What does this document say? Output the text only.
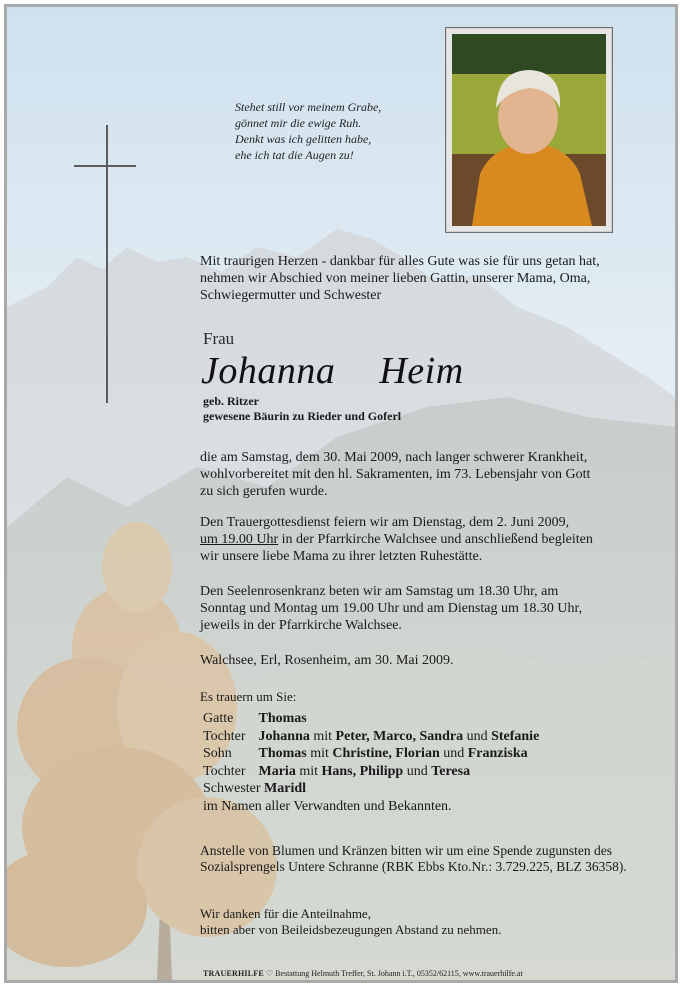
Stehet still vor meinem Grabe,
gönnet mir die ewige Ruh.
Denkt was ich gelitten habe,
ehe ich tat die Augen zu!
Mit traurigen Herzen - dankbar für alles Gute was sie für uns getan hat,
nehmen wir Abschied von meiner lieben Gattin, unserer Mama, Oma,
Schwiegermutter und Schwester
Frau
Johanna  Heim
geb. Ritzer
gewesene Bäurin zu Rieder und Goferl
die am Samstag, dem 30. Mai 2009, nach langer schwerer Krankheit,
wohlvorbereitet mit den hl. Sakramenten, im 73. Lebensjahr von Gott
zu sich gerufen wurde.
Den Trauergottesdienst feiern wir am Dienstag, dem 2. Juni 2009,
um 19.00 Uhr in der Pfarrkirche Walchsee und anschließend begleiten
wir unsere liebe Mama zu ihrer letzten Ruhestätte.
Den Seelenrosenkranz beten wir am Samstag um 18.30 Uhr, am
Sonntag und Montag um 19.00 Uhr und am Dienstag um 18.30 Uhr,
jeweils in der Pfarrkirche Walchsee.
Walchsee, Erl, Rosenheim, am 30. Mai 2009.
Es trauern um Sie:
Gatte Thomas
Tochter Johanna mit Peter, Marco, Sandra und Stefanie
Sohn Thomas mit Christine, Florian und Franziska
Tochter Maria mit Hans, Philipp und Teresa
Schwester Maridl
im Namen aller Verwandten und Bekannten.
Anstelle von Blumen und Kränzen bitten wir um eine Spende zugunsten des
Sozialsprengels Untere Schranne (RBK Ebbs Kto.Nr.: 3.729.225, BLZ 36358).
Wir danken für die Anteilnahme,
bitten aber von Beileidsbezeugungen Abstand zu nehmen.
TRAUERHILFE ♡ Bestattung Helmuth Treffer, St. Johann i.T., 05352/62115, www.trauerhilfe.at
